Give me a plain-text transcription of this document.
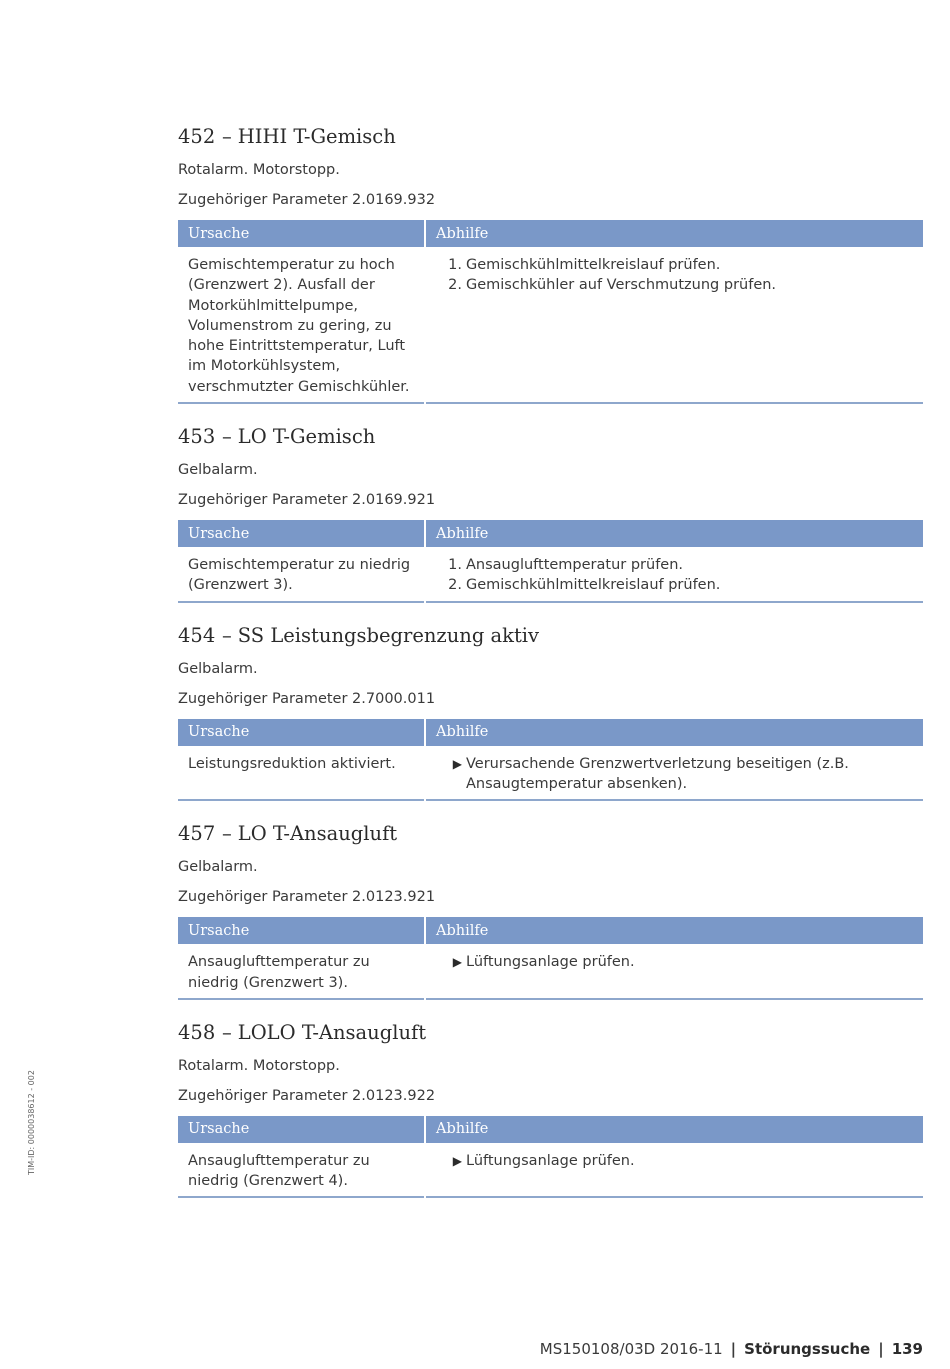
452 – HIHI T-Gemisch

Rotalarm. Motorstopp.

Zugehöriger Parameter 2.0169.932

Ursache	Abhilfe
Gemischtemperatur zu hoch (Grenzwert 2). Ausfall der Motorkühlmittelpumpe, Volumenstrom zu gering, zu hohe Eintrittstemperatur, Luft im Motorkühlsystem, verschmutzter Gemischkühler.	1. Gemischkühlmittelkreislauf prüfen.
2. Gemischkühler auf Verschmutzung prüfen.
453 – LO T-Gemisch

Gelbalarm.

Zugehöriger Parameter 2.0169.921

Ursache	Abhilfe
Gemischtemperatur zu niedrig (Grenzwert 3).	1. Ansauglufttemperatur prüfen.
2. Gemischkühlmittelkreislauf prüfen.
454 – SS Leistungsbegrenzung aktiv

Gelbalarm.

Zugehöriger Parameter 2.7000.011

Ursache	Abhilfe
Leistungsreduktion aktiviert.	▶ Verursachende Grenzwertverletzung beseitigen (z.B. Ansaugtemperatur absenken).
457 – LO T-Ansaugluft

Gelbalarm.

Zugehöriger Parameter 2.0123.921

Ursache	Abhilfe
Ansauglufttemperatur zu niedrig (Grenzwert 3).	▶ Lüftungsanlage prüfen.
458 – LOLO T-Ansaugluft

Rotalarm. Motorstopp.

Zugehöriger Parameter 2.0123.922

Ursache	Abhilfe
Ansauglufttemperatur zu niedrig (Grenzwert 4).	▶ Lüftungsanlage prüfen.
TIM-ID: 0000038612 - 002
MS150108/03D 2016-11 | Störungssuche | 139
